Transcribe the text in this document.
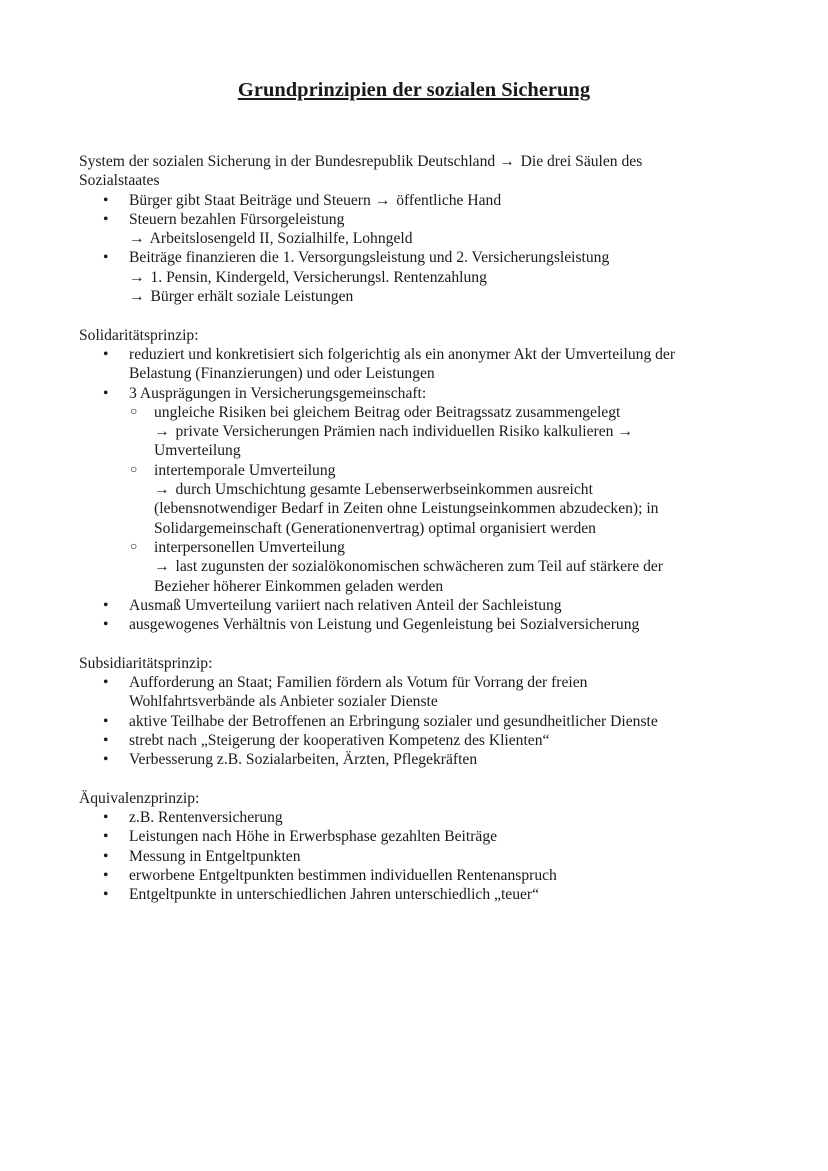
Grundprinzipien der sozialen Sicherung

System der sozialen Sicherung in der Bundesrepublik Deutschland → Die drei Säulen des
Sozialstaates

• Bürger gibt Staat Beiträge und Steuern → öffentliche Hand
• Steuern bezahlen Fürsorgeleistung
→ Arbeitslosengeld II, Sozialhilfe, Lohngeld
• Beiträge finanzieren die 1. Versorgungsleistung und 2. Versicherungsleistung
→ 1. Pensin, Kindergeld, Versicherungsl. Rentenzahlung
→ Bürger erhält soziale Leistungen

Solidaritätsprinzip:

• reduziert und konkretisiert sich folgerichtig als ein anonymer Akt der Umverteilung der
Belastung (Finanzierungen) und oder Leistungen
• 3 Ausprägungen in Versicherungsgemeinschaft:
○ ungleiche Risiken bei gleichem Beitrag oder Beitragssatz zusammengelegt
→ private Versicherungen Prämien nach individuellen Risiko kalkulieren →
Umverteilung
○ intertemporale Umverteilung
→ durch Umschichtung gesamte Lebenserwerbseinkommen ausreicht
(lebensnotwendiger Bedarf in Zeiten ohne Leistungseinkommen abzudecken); in
Solidargemeinschaft (Generationenvertrag) optimal organisiert werden
○ interpersonellen Umverteilung
→ last zugunsten der sozialökonomischen schwächeren zum Teil auf stärkere der
Bezieher höherer Einkommen geladen werden
• Ausmaß Umverteilung variiert nach relativen Anteil der Sachleistung
• ausgewogenes Verhältnis von Leistung und Gegenleistung bei Sozialversicherung

Subsidiaritätsprinzip:

• Aufforderung an Staat; Familien fördern als Votum für Vorrang der freien
Wohlfahrtsverbände als Anbieter sozialer Dienste
• aktive Teilhabe der Betroffenen an Erbringung sozialer und gesundheitlicher Dienste
• strebt nach „Steigerung der kooperativen Kompetenz des Klienten“
• Verbesserung z.B. Sozialarbeiten, Ärzten, Pflegekräften

Äquivalenzprinzip:

• z.B. Rentenversicherung
• Leistungen nach Höhe in Erwerbsphase gezahlten Beiträge
• Messung in Entgeltpunkten
• erworbene Entgeltpunkten bestimmen individuellen Rentenanspruch
• Entgeltpunkte in unterschiedlichen Jahren unterschiedlich „teuer“
